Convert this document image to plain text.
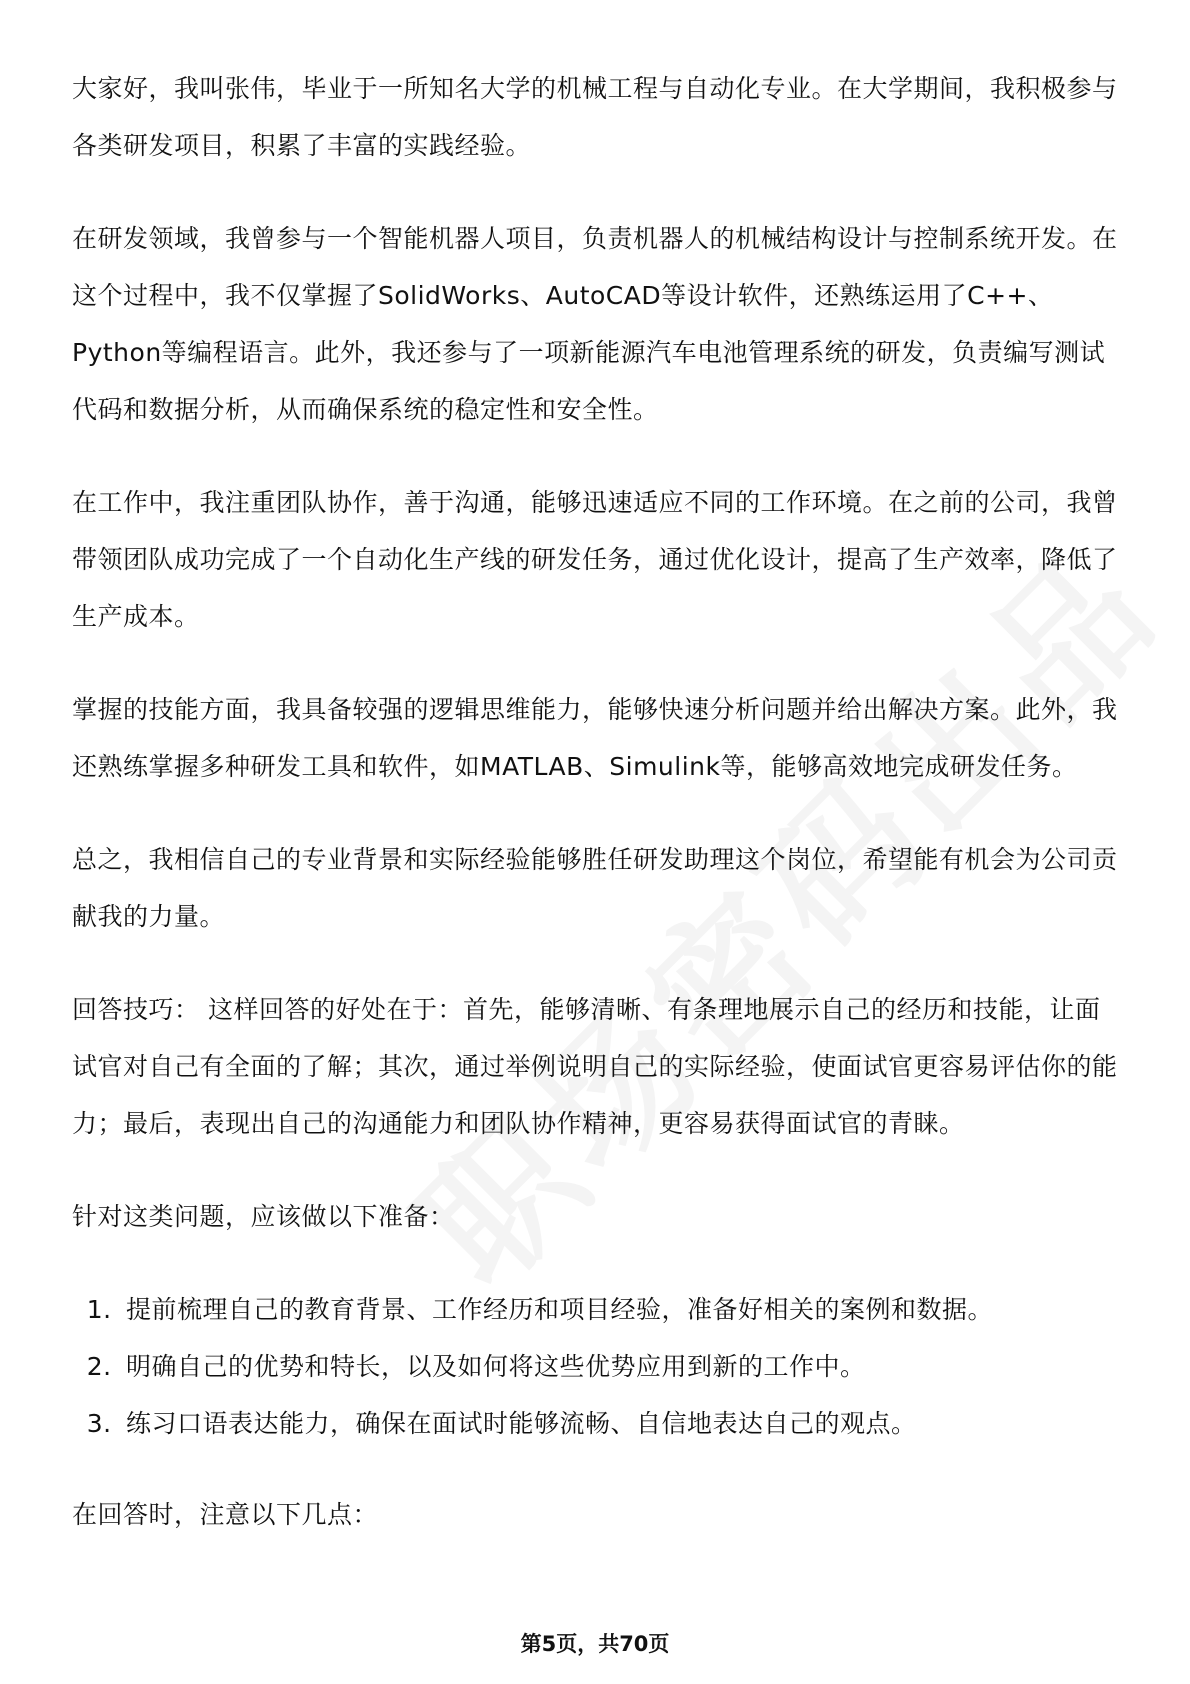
大家好，我叫张伟，毕业于一所知名大学的机械工程与自动化专业。在大学期间，我积极参与各类研发项目，积累了丰富的实践经验。

在研发领域，我曾参与一个智能机器人项目，负责机器人的机械结构设计与控制系统开发。在这个过程中，我不仅掌握了SolidWorks、AutoCAD等设计软件，还熟练运用了C++、Python等编程语言。此外，我还参与了一项新能源汽车电池管理系统的研发，负责编写测试代码和数据分析，从而确保系统的稳定性和安全性。

在工作中，我注重团队协作，善于沟通，能够迅速适应不同的工作环境。在之前的公司，我曾带领团队成功完成了一个自动化生产线的研发任务，通过优化设计，提高了生产效率，降低了生产成本。

掌握的技能方面，我具备较强的逻辑思维能力，能够快速分析问题并给出解决方案。此外，我还熟练掌握多种研发工具和软件，如MATLAB、Simulink等，能够高效地完成研发任务。

总之，我相信自己的专业背景和实际经验能够胜任研发助理这个岗位，希望能有机会为公司贡献我的力量。

回答技巧： 这样回答的好处在于：首先，能够清晰、有条理地展示自己的经历和技能，让面试官对自己有全面的了解；其次，通过举例说明自己的实际经验，使面试官更容易评估你的能力；最后，表现出自己的沟通能力和团队协作精神，更容易获得面试官的青睐。

针对这类问题，应该做以下准备：

1. 提前梳理自己的教育背景、工作经历和项目经验，准备好相关的案例和数据。
2. 明确自己的优势和特长，以及如何将这些优势应用到新的工作中。
3. 练习口语表达能力，确保在面试时能够流畅、自信地表达自己的观点。

在回答时，注意以下几点：

第5页，共70页
